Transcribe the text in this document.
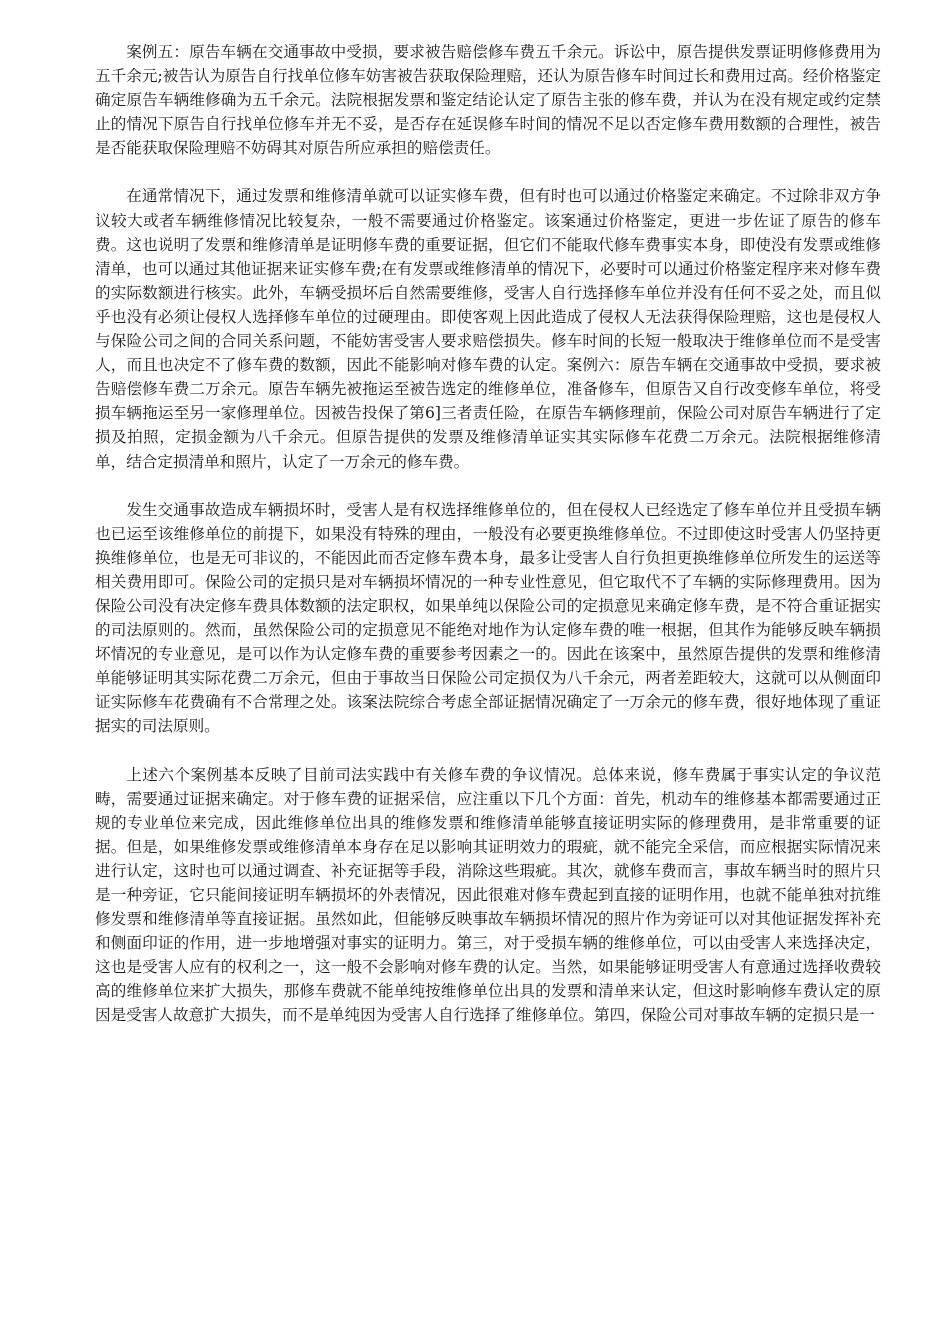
案例五：原告车辆在交通事故中受损，要求被告赔偿修车费五千余元。诉讼中，原告提供发票证明修修费用为五千余元;被告认为原告自行找单位修车妨害被告获取保险理赔，还认为原告修车时间过长和费用过高。经价格鉴定确定原告车辆维修确为五千余元。法院根据发票和鉴定结论认定了原告主张的修车费，并认为在没有规定或约定禁止的情况下原告自行找单位修车并无不妥，是否存在延误修车时间的情况不足以否定修车费用数额的合理性，被告是否能获取保险理赔不妨碍其对原告所应承担的赔偿责任。

在通常情况下，通过发票和维修清单就可以证实修车费，但有时也可以通过价格鉴定来确定。不过除非双方争议较大或者车辆维修情况比较复杂，一般不需要通过价格鉴定。该案通过价格鉴定，更进一步佐证了原告的修车费。这也说明了发票和维修清单是证明修车费的重要证据，但它们不能取代修车费事实本身，即使没有发票或维修清单，也可以通过其他证据来证实修车费;在有发票或维修清单的情况下，必要时可以通过价格鉴定程序来对修车费的实际数额进行核实。此外，车辆受损坏后自然需要维修，受害人自行选择修车单位并没有任何不妥之处，而且似乎也没有必须让侵权人选择修车单位的过硬理由。即使客观上因此造成了侵权人无法获得保险理赔，这也是侵权人与保险公司之间的合同关系问题，不能妨害受害人要求赔偿损失。修车时间的长短一般取决于维修单位而不是受害人，而且也决定不了修车费的数额，因此不能影响对修车费的认定。案例六：原告车辆在交通事故中受损，要求被告赔偿修车费二万余元。原告车辆先被拖运至被告选定的维修单位，准备修车，但原告又自行改变修车单位，将受损车辆拖运至另一家修理单位。因被告投保了第6]三者责任险，在原告车辆修理前，保险公司对原告车辆进行了定损及拍照，定损金额为八千余元。但原告提供的发票及维修清单证实其实际修车花费二万余元。法院根据维修清单，结合定损清单和照片，认定了一万余元的修车费。

发生交通事故造成车辆损坏时，受害人是有权选择维修单位的，但在侵权人已经选定了修车单位并且受损车辆也已运至该维修单位的前提下，如果没有特殊的理由，一般没有必要更换维修单位。不过即使这时受害人仍坚持更换维修单位，也是无可非议的，不能因此而否定修车费本身，最多让受害人自行负担更换维修单位所发生的运送等相关费用即可。保险公司的定损只是对车辆损坏情况的一种专业性意见，但它取代不了车辆的实际修理费用。因为保险公司没有决定修车费具体数额的法定职权，如果单纯以保险公司的定损意见来确定修车费，是不符合重证据实的司法原则的。然而，虽然保险公司的定损意见不能绝对地作为认定修车费的唯一根据，但其作为能够反映车辆损坏情况的专业意见，是可以作为认定修车费的重要参考因素之一的。因此在该案中，虽然原告提供的发票和维修清单能够证明其实际花费二万余元，但由于事故当日保险公司定损仅为八千余元，两者差距较大，这就可以从侧面印证实际修车花费确有不合常理之处。该案法院综合考虑全部证据情况确定了一万余元的修车费，很好地体现了重证据实的司法原则。

上述六个案例基本反映了目前司法实践中有关修车费的争议情况。总体来说，修车费属于事实认定的争议范畴，需要通过证据来确定。对于修车费的证据采信，应注重以下几个方面：首先，机动车的维修基本都需要通过正规的专业单位来完成，因此维修单位出具的维修发票和维修清单能够直接证明实际的修理费用，是非常重要的证据。但是，如果维修发票或维修清单本身存在足以影响其证明效力的瑕疵，就不能完全采信，而应根据实际情况来进行认定，这时也可以通过调查、补充证据等手段，消除这些瑕疵。其次，就修车费而言，事故车辆当时的照片只是一种旁证，它只能间接证明车辆损坏的外表情况，因此很难对修车费起到直接的证明作用，也就不能单独对抗维修发票和维修清单等直接证据。虽然如此，但能够反映事故车辆损坏情况的照片作为旁证可以对其他证据发挥补充和侧面印证的作用，进一步地增强对事实的证明力。第三，对于受损车辆的维修单位，可以由受害人来选择决定，这也是受害人应有的权利之一，这一般不会影响对修车费的认定。当然，如果能够证明受害人有意通过选择收费较高的维修单位来扩大损失，那修车费就不能单纯按维修单位出具的发票和清单来认定，但这时影响修车费认定的原因是受害人故意扩大损失，而不是单纯因为受害人自行选择了维修单位。第四，保险公司对事故车辆的定损只是一
